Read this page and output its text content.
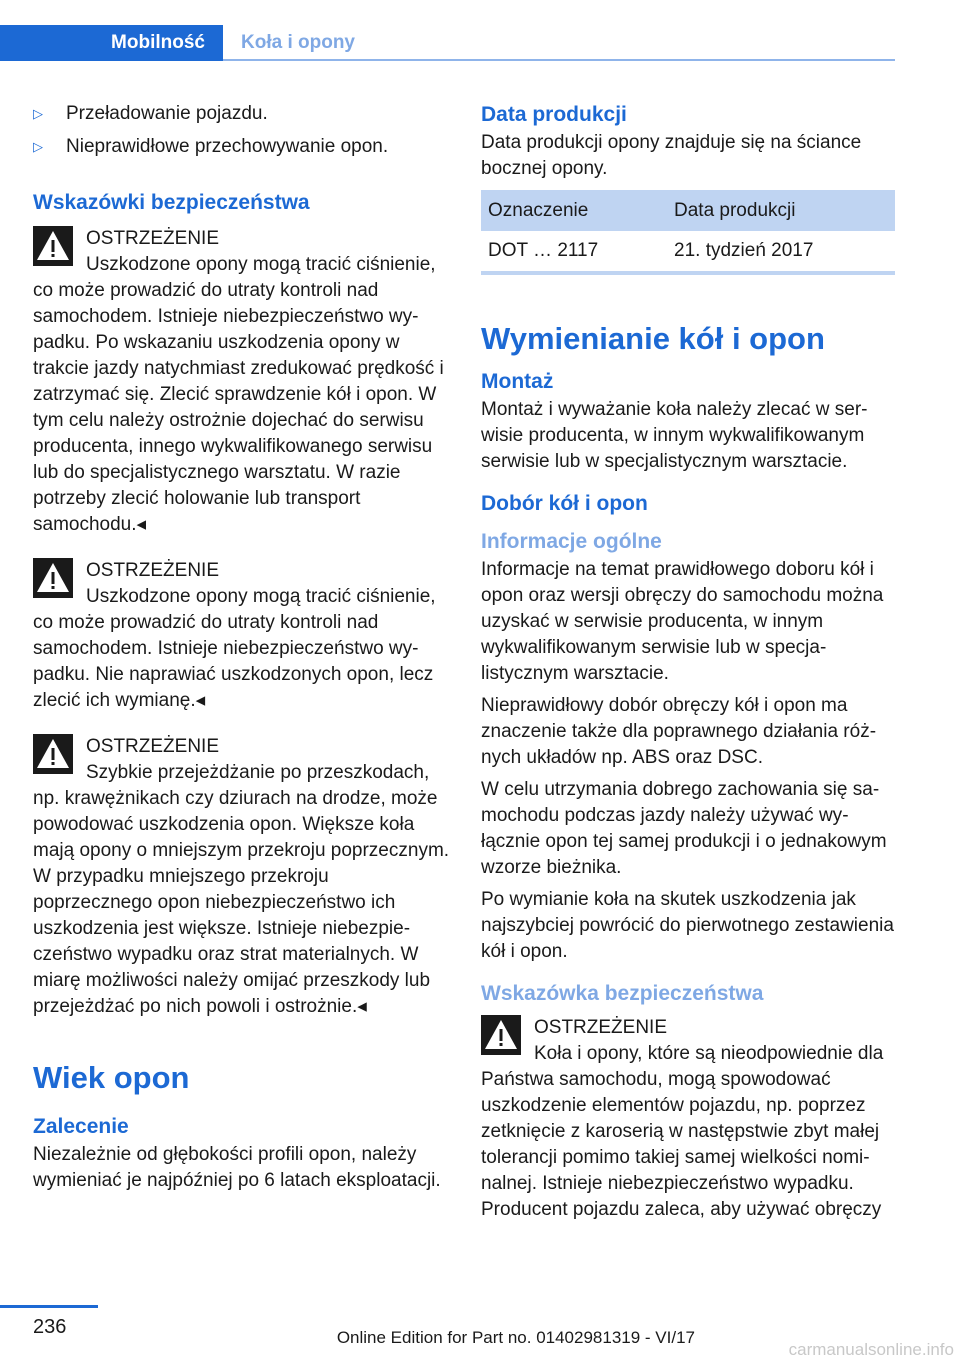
Mobilność	Koła i opony
▷	Przeładowanie pojazdu.
▷	Nieprawidłowe przechowywanie opon.
Wskazówki bezpieczeństwa
OSTRZEŻENIE
Uszkodzone opony mogą tracić ciśnienie, co może prowadzić do utraty kontroli nad samochodem. Istnieje niebezpieczeństwo wypadku. Po wskazaniu uszkodzenia opony w trakcie jazdy natychmiast zredukować prędkość i zatrzymać się. Zlecić sprawdzenie kół i opon. W tym celu należy ostrożnie dojechać do serwisu producenta, innego wykwalifikowanego serwisu lub do specjalistycznego warsztatu. W razie potrzeby zlecić holowanie lub transport samochodu.◂
OSTRZEŻENIE
Uszkodzone opony mogą tracić ciśnienie, co może prowadzić do utraty kontroli nad samochodem. Istnieje niebezpieczeństwo wypadku. Nie naprawiać uszkodzonych opon, lecz zlecić ich wymianę.◂
OSTRZEŻENIE
Szybkie przejeżdżanie po przeszkodach, np. krawężnikach czy dziurach na drodze, może powodować uszkodzenia opon. Większe koła mają opony o mniejszym przekroju poprzecznym. W przypadku mniejszego przekroju poprzecznego opon niebezpieczeństwo ich uszkodzenia jest większe. Istnieje niebezpieczeństwo wypadku oraz strat materialnych. W miarę możliwości należy omijać przeszkody lub przejeżdżać po nich powoli i ostrożnie.◂
Wiek opon
Zalecenie
Niezależnie od głębokości profili opon, należy wymieniać je najpóźniej po 6 latach eksploatacji.
Data produkcji
Data produkcji opony znajduje się na ściance bocznej opony.
Oznaczenie	Data produkcji
DOT … 2117	21. tydzień 2017
Wymienianie kół i opon
Montaż
Montaż i wyważanie koła należy zlecać w serwisie producenta, w innym wykwalifikowanym serwisie lub w specjalistycznym warsztacie.
Dobór kół i opon
Informacje ogólne
Informacje na temat prawidłowego doboru kół i opon oraz wersji obręczy do samochodu można uzyskać w serwisie producenta, w innym wykwalifikowanym serwisie lub w specjalistycznym warsztacie.
Nieprawidłowy dobór obręczy kół i opon ma znaczenie także dla poprawnego działania różnych układów np. ABS oraz DSC.
W celu utrzymania dobrego zachowania się samochodu podczas jazdy należy używać wyłącznie opon tej samej produkcji i o jednakowym wzorze bieżnika.
Po wymianie koła na skutek uszkodzenia jak najszybciej powrócić do pierwotnego zestawienia kół i opon.
Wskazówka bezpieczeństwa
OSTRZEŻENIE
Koła i opony, które są nieodpowiednie dla Państwa samochodu, mogą spowodować uszkodzenie elementów pojazdu, np. poprzez zetknięcie z karoserią w następstwie zbyt małej tolerancji pomimo takiej samej wielkości nominalnej. Istnieje niebezpieczeństwo wypadku. Producent pojazdu zaleca, aby używać obręczy
236	Online Edition for Part no. 01402981319 - VI/17
carmanualsonline.info
